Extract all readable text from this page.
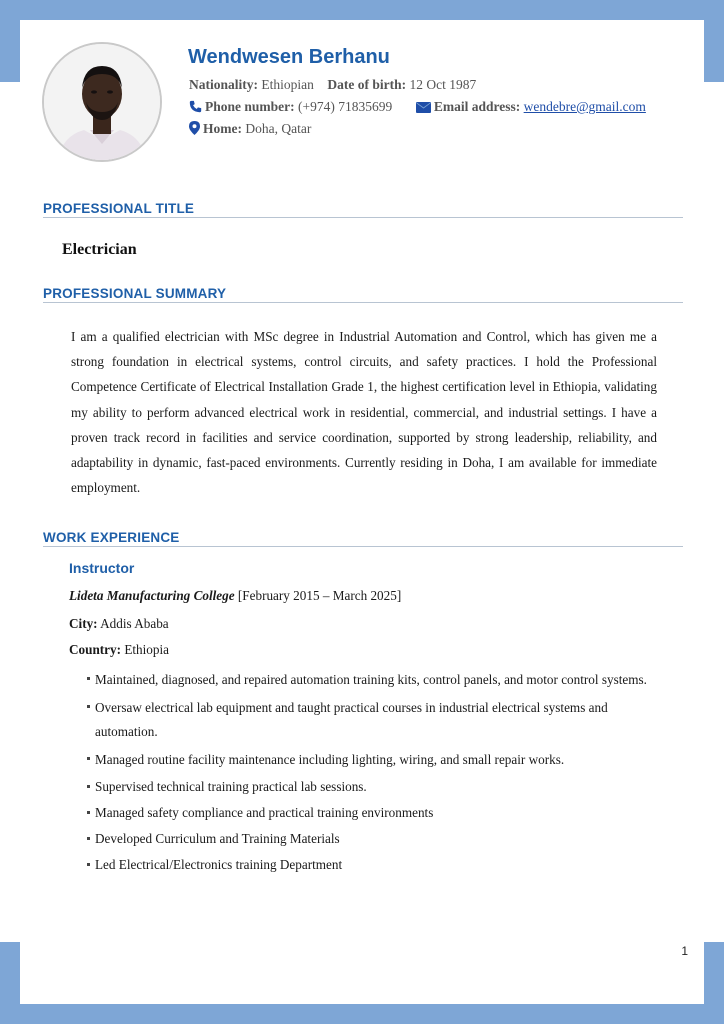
Wendwesen Berhanu
Nationality: Ethiopian Date of birth: 12 Oct 1987
Phone number: (+974) 71835699	Email address: wendebre@gmail.com
Home: Doha, Qatar
PROFESSIONAL TITLE
Electrician
PROFESSIONAL SUMMARY
I am a qualified electrician with MSc degree in Industrial Automation and Control, which has given me a strong foundation in electrical systems, control circuits, and safety practices. I hold the Professional Competence Certificate of Electrical Installation Grade 1, the highest certification level in Ethiopia, validating my ability to perform advanced electrical work in residential, commercial, and industrial settings. I have a proven track record in facilities and service coordination, supported by strong leadership, reliability, and adaptability in dynamic, fast-paced environments. Currently residing in Doha, I am available for immediate employment.
WORK EXPERIENCE
Instructor
Lideta Manufacturing College [February 2015 – March 2025]
City: Addis Ababa
Country: Ethiopia
Maintained, diagnosed, and repaired automation training kits, control panels, and motor control systems.
Oversaw electrical lab equipment and taught practical courses in industrial electrical systems and automation.
Managed routine facility maintenance including lighting, wiring, and small repair works.
Supervised technical training practical lab sessions.
Managed safety compliance and practical training environments
Developed Curriculum and Training Materials
Led Electrical/Electronics training Department
1
